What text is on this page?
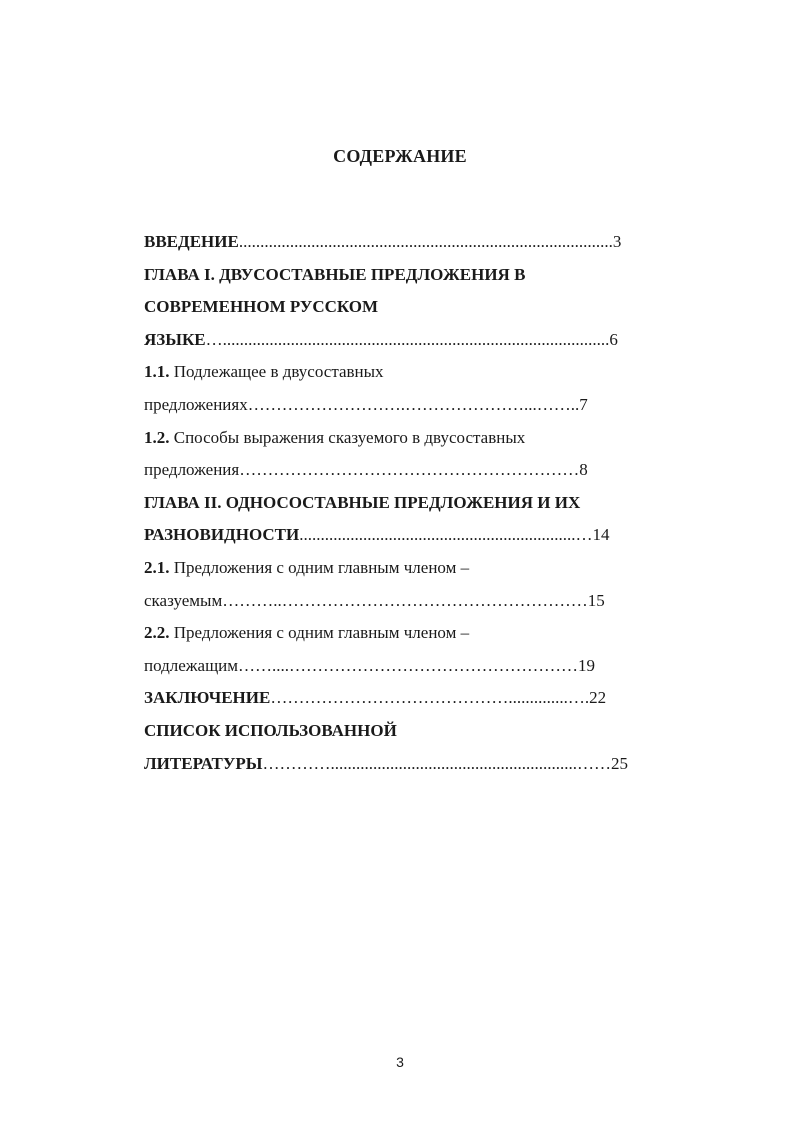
СОДЕРЖАНИЕ
ВВЕДЕНИЕ........................................................................................3
ГЛАВА I. ДВУСОСТАВНЫЕ ПРЕДЛОЖЕНИЯ В
СОВРЕМЕННОМ РУССКОМ
ЯЗЫКЕ…...........................................................................................6
1.1. Подлежащее в двусоставных
предложениях……………………….…………………...……..7
1.2. Способы выражения сказуемого в двусоставных
предложения……………………………………………………8
ГЛАВА II. ОДНОСОСТАВНЫЕ ПРЕДЛОЖЕНИЯ И ИХ
РАЗНОВИДНОСТИ.................................................................…14
2.1. Предложения с одним главным членом –
сказуемым………..………………………………………………15
2.2. Предложения с одним главным членом –
подлежащим……....……………………………………………19
ЗАКЛЮЧЕНИЕ……………………………………..............….22
СПИСОК ИСПОЛЬЗОВАННОЙ
ЛИТЕРАТУРЫ…………..........................................................……25
3
